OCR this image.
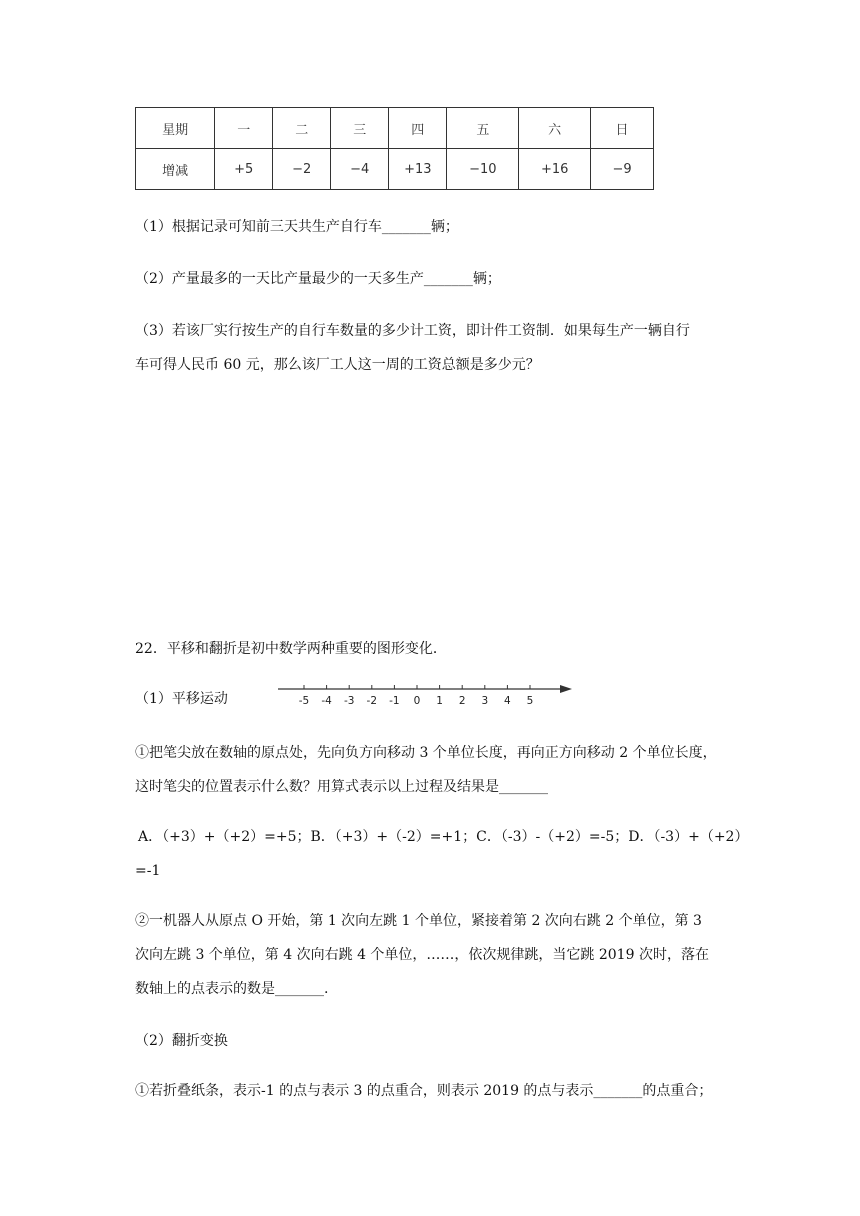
星期	一	二	三	四	五	六	日
增减	+5	−2	−4	+13	−10	+16	−9
（1）根据记录可知前三天共生产自行车_______辆；
（2）产量最多的一天比产量最少的一天多生产_______辆；
（3）若该厂实行按生产的自行车数量的多少计工资，即计件工资制．如果每生产一辆自行
车可得人民币 60 元，那么该厂工人这一周的工资总额是多少元？
22．平移和翻折是初中数学两种重要的图形变化．
（1）平移运动	-5 -4 -3 -2 -1 0 1 2 3 4 5
①把笔尖放在数轴的原点处，先向负方向移动 3 个单位长度，再向正方向移动 2 个单位长度，
这时笔尖的位置表示什么数？用算式表示以上过程及结果是_______
A．（+3）+（+2）=+5；B．（+3）+（-2）=+1；C．（-3）-（+2）=-5；D．（-3）+（+2）
=-1
②一机器人从原点 O 开始，第 1 次向左跳 1 个单位，紧接着第 2 次向右跳 2 个单位，第 3
次向左跳 3 个单位，第 4 次向右跳 4 个单位，……，依次规律跳，当它跳 2019 次时，落在
数轴上的点表示的数是_______.
（2）翻折变换
①若折叠纸条，表示-1 的点与表示 3 的点重合，则表示 2019 的点与表示_______的点重合；
